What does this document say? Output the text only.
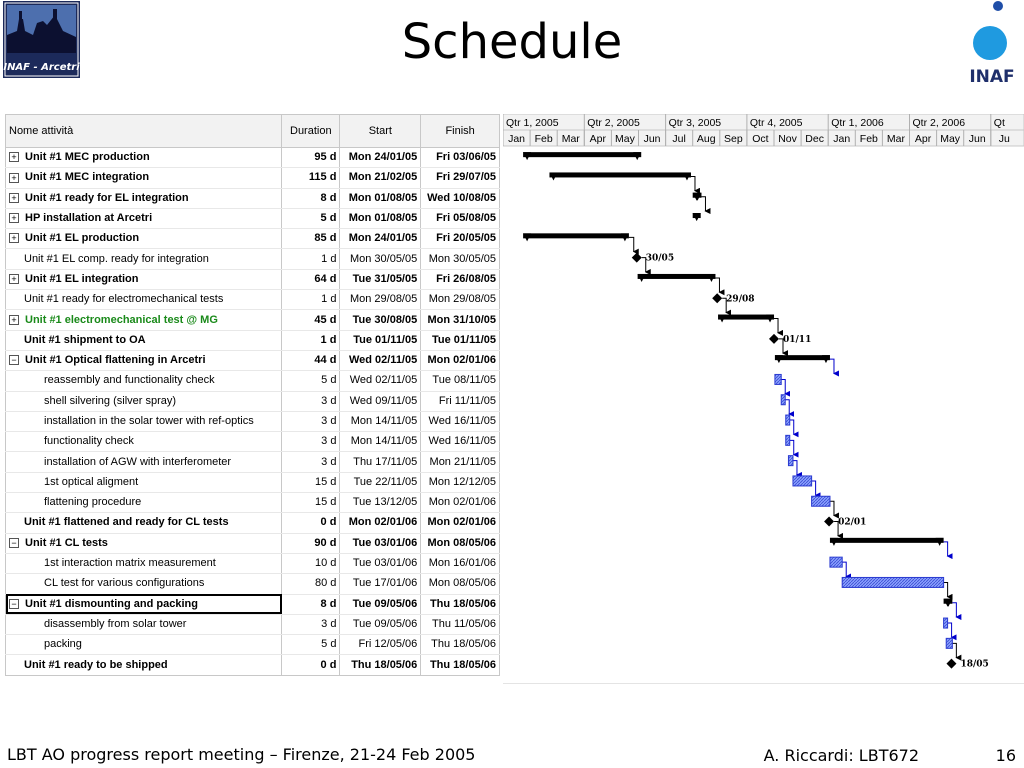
INAF - Arcetri	INAF
Schedule
Nome attività	Duration	Start	Finish
+ Unit #1 MEC production	95 d	Mon 24/01/05	Fri 03/06/05
+ Unit #1 MEC integration	115 d	Mon 21/02/05	Fri 29/07/05
+ Unit #1 ready for EL integration	8 d	Mon 01/08/05	Wed 10/08/05
+ HP installation at Arcetri	5 d	Mon 01/08/05	Fri 05/08/05
+ Unit #1 EL production	85 d	Mon 24/01/05	Fri 20/05/05
Unit #1 EL comp. ready for integration	1 d	Mon 30/05/05	Mon 30/05/05
+ Unit #1 EL integration	64 d	Tue 31/05/05	Fri 26/08/05
Unit #1 ready for electromechanical tests	1 d	Mon 29/08/05	Mon 29/08/05
+ Unit #1 electromechanical test @ MG	45 d	Tue 30/08/05	Mon 31/10/05
Unit #1 shipment to OA	1 d	Tue 01/11/05	Tue 01/11/05
− Unit #1 Optical flattening in Arcetri	44 d	Wed 02/11/05	Mon 02/01/06
reassembly and functionality check	5 d	Wed 02/11/05	Tue 08/11/05
shell silvering (silver spray)	3 d	Wed 09/11/05	Fri 11/11/05
installation in the solar tower with ref-optics	3 d	Mon 14/11/05	Wed 16/11/05
functionality check	3 d	Mon 14/11/05	Wed 16/11/05
installation of AGW with interferometer	3 d	Thu 17/11/05	Mon 21/11/05
1st optical aligment	15 d	Tue 22/11/05	Mon 12/12/05
flattening procedure	15 d	Tue 13/12/05	Mon 02/01/06
Unit #1 flattened and ready for CL tests	0 d	Mon 02/01/06	Mon 02/01/06
− Unit #1 CL tests	90 d	Tue 03/01/06	Mon 08/05/06
1st interaction matrix measurement	10 d	Tue 03/01/06	Mon 16/01/06
CL test for various configurations	80 d	Tue 17/01/06	Mon 08/05/06
− Unit #1 dismounting and packing	8 d	Tue 09/05/06	Thu 18/05/06
disassembly from solar tower	3 d	Tue 09/05/06	Thu 11/05/06
packing	5 d	Fri 12/05/06	Thu 18/05/06
Unit #1 ready to be shipped	0 d	Thu 18/05/06	Thu 18/05/06
Qtr 1, 2005	Qtr 2, 2005	Qtr 3, 2005	Qtr 4, 2005	Qtr 1, 2006	Qtr 2, 2006	Qt
Jan Feb Mar Apr May Jun Jul Aug Sep Oct Nov Dec Jan Feb Mar Apr May Jun Ju
30/05
29/08
01/11
02/01
18/05
LBT AO progress report meeting – Firenze, 21-24 Feb 2005	A. Riccardi: LBT672	16
